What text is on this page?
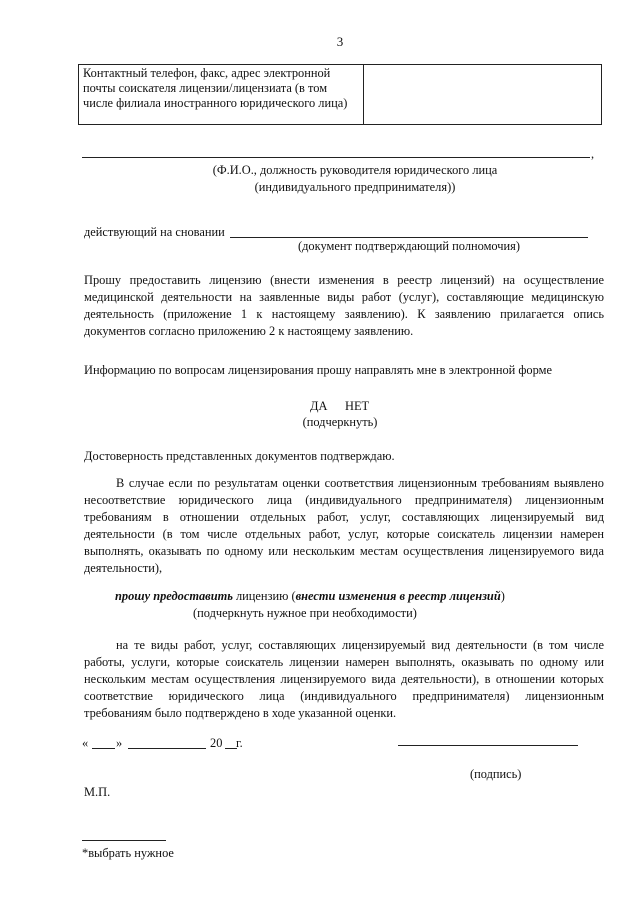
3
Контактный телефон, факс, адрес электронной почты соискателя лицензии/лицензиата (в том числе филиала иностранного юридического лица)	
,
(Ф.И.О., должность руководителя юридического лица
(индивидуального предпринимателя))
действующий на сновании
(документ подтверждающий полномочия)
Прошу предоставить лицензию (внести изменения в реестр лицензий) на осуществление медицинской деятельности на заявленные виды работ (услуг), составляющие медицинскую деятельность (приложение 1 к настоящему заявлению). К заявлению прилагается опись документов согласно приложению 2 к настоящему заявлению.
Информацию по вопросам лицензирования прошу направлять мне в электронной форме
ДА НЕТ
(подчеркнуть)
Достоверность представленных документов подтверждаю.
В случае если по результатам оценки соответствия лицензионным требованиям выявлено несоответствие юридического лица (индивидуального предпринимателя) лицензионным требованиям в отношении отдельных работ, услуг, составляющих лицензируемый вид деятельности (в том числе отдельных работ, услуг, которые соискатель лицензии намерен выполнять, оказывать по одному или нескольким местам осуществления лицензируемого вида деятельности),
прошу предоставить лицензию (внести изменения в реестр лицензий)
(подчеркнуть нужное при необходимости)
на те виды работ, услуг, составляющих лицензируемый вид деятельности (в том числе работы, услуги, которые соискатель лицензии намерен выполнять, оказывать по одному или нескольким местам осуществления лицензируемого вида деятельности), в отношении которых соответствие юридического лица (индивидуального предпринимателя) лицензионным требованиям было подтверждено в ходе указанной оценки.
« »	20 г.
(подпись)
М.П.
*выбрать нужное
